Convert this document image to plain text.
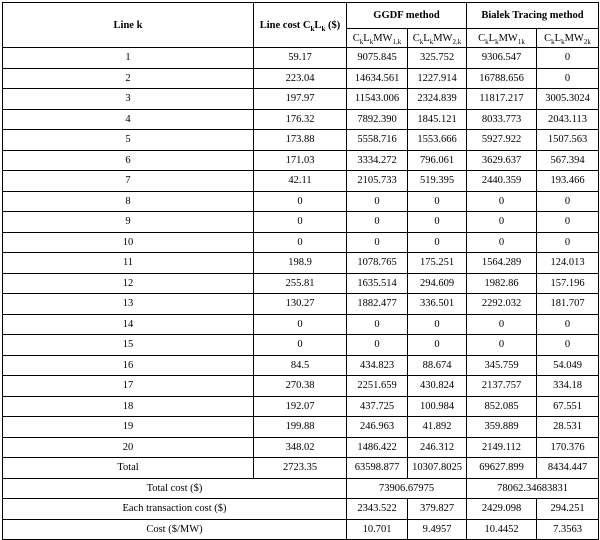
Line k	Line cost $C_kL_k$ ($)	GGDF method		Bialek Tracing method	
		$C_kL_kMW_{1,k}$	$C_kL_kMW_{2,k}$	$C_kL_kMW_{1k}$	$C_kL_kMW_{2k}$
1	59.17	9075.845	325.752	9306.547	0
2	223.04	14634.561	1227.914	16788.656	0
3	197.97	11543.006	2324.839	11817.217	3005.3024
4	176.32	7892.390	1845.121	8033.773	2043.113
5	173.88	5558.716	1553.666	5927.922	1507.563
6	171.03	3334.272	796.061	3629.637	567.394
7	42.11	2105.733	519.395	2440.359	193.466
8	0	0	0	0	0
9	0	0	0	0	0
10	0	0	0	0	0
11	198.9	1078.765	175.251	1564.289	124.013
12	255.81	1635.514	294.609	1982.86	157.196
13	130.27	1882.477	336.501	2292.032	181.707
14	0	0	0	0	0
15	0	0	0	0	0
16	84.5	434.823	88.674	345.759	54.049
17	270.38	2251.659	430.824	2137.757	334.18
18	192.07	437.725	100.984	852.085	67.551
19	199.88	246.963	41.892	359.889	28.531
20	348.02	1486.422	246.312	2149.112	170.376
Total	2723.35	63598.877	10307.8025	69627.899	8434.447
Total cost ($)		73906.67975		78062.34683831	
Each transaction cost ($)		2343.522	379.827	2429.098	294.251
Cost ($/MW)		10.701	9.4957	10.4452	7.3563
